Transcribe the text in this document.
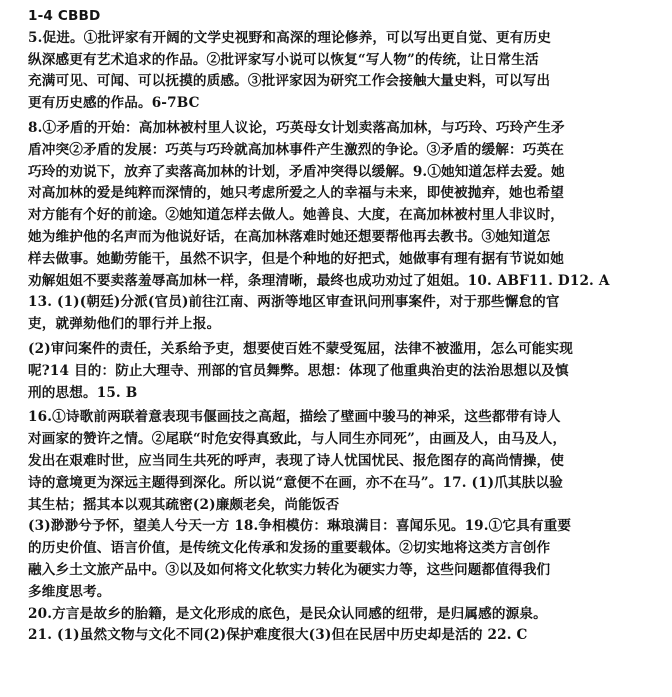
1-4 CBBD
5.促进。①批评家有开阔的文学史视野和高深的理论修养，可以写出更自觉、更有历史
纵深感更有艺术追求的作品。②批评家写小说可以恢复“写人物”的传统，让日常生活
充满可见、可闻、可以抚摸的质感。③批评家因为研究工作会接触大量史料，可以写出
更有历史感的作品。6-7BC
8.①矛盾的开始：高加林被村里人议论，巧英母女计划卖落高加林，与巧玲、巧玲产生矛
盾冲突②矛盾的发展：巧英与巧玲就高加林事件产生激烈的争论。③矛盾的缓解：巧英在
巧玲的劝说下，放弃了卖落高加林的计划，矛盾冲突得以缓解。9.①她知道怎样去爱。她
对高加林的爱是纯粹而深情的，她只考虑所爱之人的幸福与未来，即使被抛弃，她也希望
对方能有个好的前途。②她知道怎样去做人。她善良、大度，在高加林被村里人非议时，
她为维护他的名声而为他说好话，在高加林落难时她还想要帮他再去教书。③她知道怎
样去做事。她勤劳能干，虽然不识字，但是个种地的好把式，她做事有理有据有节说如她
劝解姐姐不要卖落羞辱高加林一样，条理清晰，最终也成功劝过了姐姐。10. ABF11. D12. A
13. (1)(朝廷)分派(官员)前往江南、两浙等地区审查讯问刑事案件，对于那些懈怠的官
吏，就弹劾他们的罪行并上报。
(2)审问案件的责任，关系给予吏，想要使百姓不蒙受冤屈，法律不被滥用，怎么可能实现
呢?14 目的：防止大理寺、刑部的官员舞弊。思想：体现了他重典治吏的法治思想以及慎
刑的思想。15. B
16.①诗歌前两联着意表现韦偃画技之高超，描绘了壁画中骏马的神采，这些都带有诗人
对画家的赞许之情。②尾联“时危安得真致此，与人同生亦同死”，由画及人，由马及人，
发出在艰难时世，应当同生共死的呼声，表现了诗人忧国忧民、报危图存的高尚情操，使
诗的意境更为深远主题得到深化。所以说“意便不在画，亦不在马”。17. (1)爪其肤以验
其生枯；摇其本以观其疏密(2)廉颇老矣，尚能饭否
(3)渺渺兮予怀，望美人兮天一方 18.争相模仿：琳琅满目：喜闻乐见。19.①它具有重要
的历史价值、语言价值，是传统文化传承和发扬的重要载体。②切实地将这类方言创作
融入乡土文旅产品中。③以及如何将文化软实力转化为硬实力等，这些问题都值得我们
多维度思考。
20.方言是故乡的胎籍，是文化形成的底色，是民众认同感的纽带，是归属感的源泉。
21. (1)虽然文物与文化不同(2)保护难度很大(3)但在民居中历史却是活的 22. C
